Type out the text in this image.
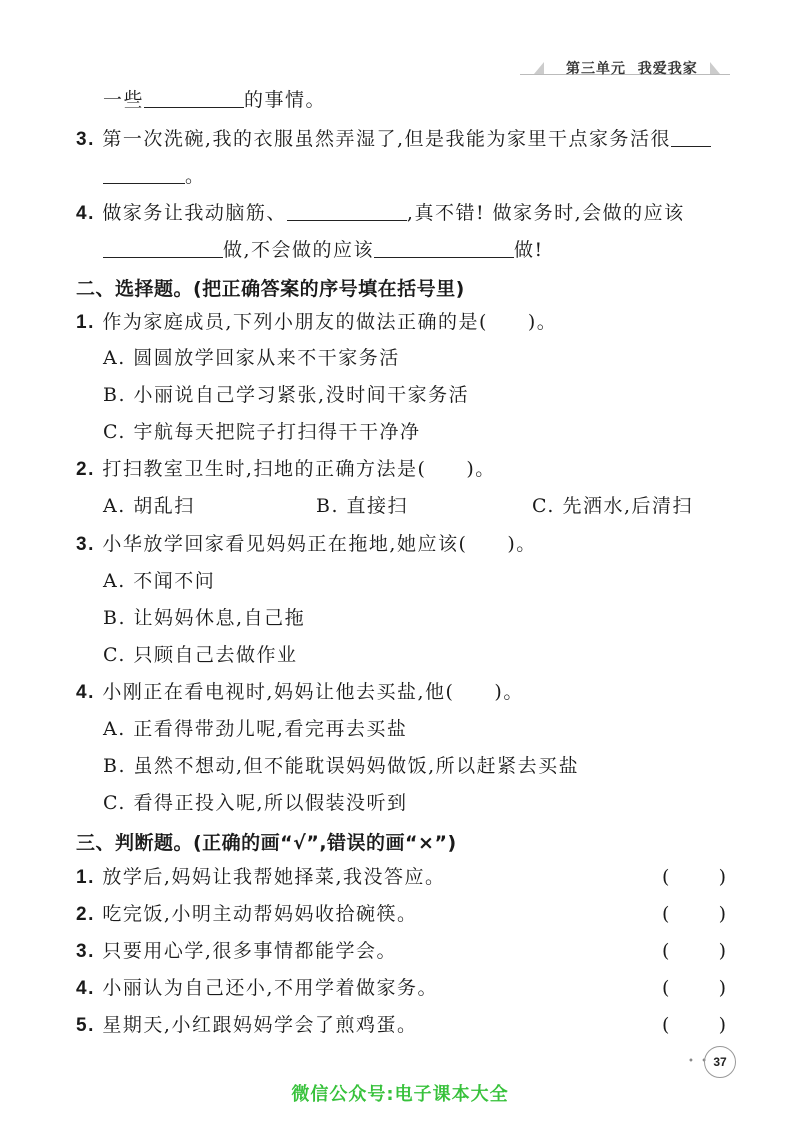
第三单元 我爱我家
一些	的事情。
3. 第一次洗碗,我的衣服虽然弄湿了,但是我能为家里干点家务活很
。
4. 做家务让我动脑筋、	,真不错! 做家务时,会做的应该
做,不会做的应该	做!
二、选择题。(把正确答案的序号填在括号里)
1. 作为家庭成员,下列小朋友的做法正确的是( )。
A. 圆圆放学回家从来不干家务活
B. 小丽说自己学习紧张,没时间干家务活
C. 宇航每天把院子打扫得干干净净
2. 打扫教室卫生时,扫地的正确方法是( )。
A. 胡乱扫	B. 直接扫	C. 先洒水,后清扫
3. 小华放学回家看见妈妈正在拖地,她应该( )。
A. 不闻不问
B. 让妈妈休息,自己拖
C. 只顾自己去做作业
4. 小刚正在看电视时,妈妈让他去买盐,他( )。
A. 正看得带劲儿呢,看完再去买盐
B. 虽然不想动,但不能耽误妈妈做饭,所以赶紧去买盐
C. 看得正投入呢,所以假装没听到
三、判断题。(正确的画“√”,错误的画“×”)
1. 放学后,妈妈让我帮她择菜,我没答应。	(	)
2. 吃完饭,小明主动帮妈妈收拾碗筷。	(	)
3. 只要用心学,很多事情都能学会。	(	)
4. 小丽认为自己还小,不用学着做家务。	(	)
5. 星期天,小红跟妈妈学会了煎鸡蛋。	(	)
• • 37
微信公众号:电子课本大全
